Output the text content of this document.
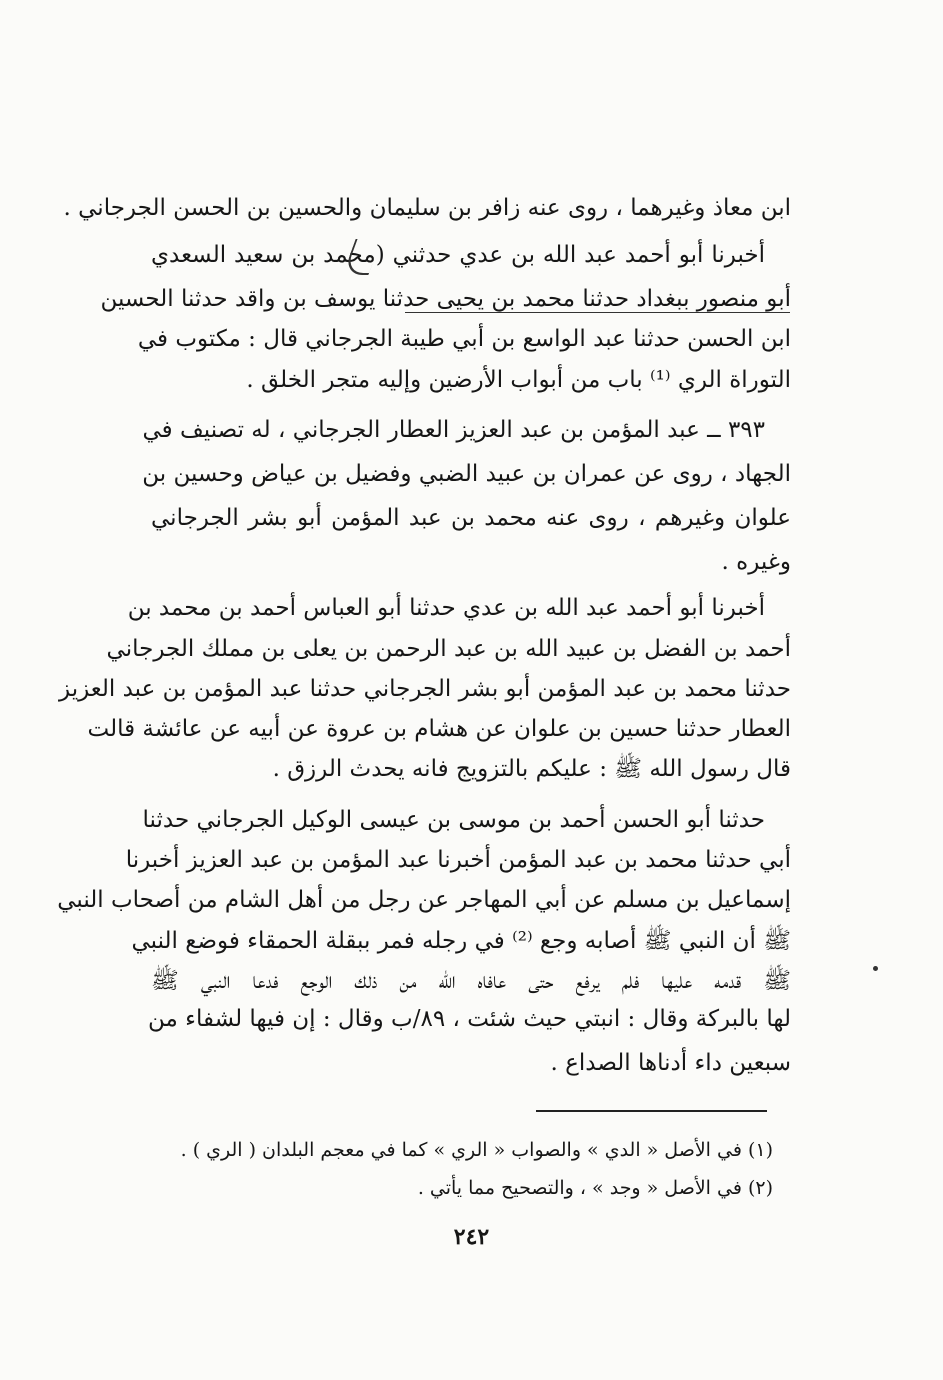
ابن معاذ وغيرهما ، روى عنه زافر بن سليمان والحسين بن الحسن الجرجاني .
أخبرنا أبو أحمد عبد الله بن عدي حدثني (محمد بن سعيد السعدي
أبو منصور ببغداد حدثنا محمد بن يحيى حدثنا يوسف بن واقد حدثنا الحسين
ابن الحسن حدثنا عبد الواسع بن أبي طيبة الجرجاني قال : مكتوب في
التوراة الري ⁽¹⁾ باب من أبواب الأرضين وإليه متجر الخلق .
٣٩٣ ــ عبد المؤمن بن عبد العزيز العطار الجرجاني ، له تصنيف في
الجهاد ، روى عن عمران بن عبيد الضبي وفضيل بن عياض وحسين بن
علوان وغيرهم ، روى عنه محمد بن عبد المؤمن أبو بشر الجرجاني
وغيره .
أخبرنا أبو أحمد عبد الله بن عدي حدثنا أبو العباس أحمد بن محمد بن
أحمد بن الفضل بن عبيد الله بن عبد الرحمن بن يعلى بن مملك الجرجاني
حدثنا محمد بن عبد المؤمن أبو بشر الجرجاني حدثنا عبد المؤمن بن عبد العزيز
العطار حدثنا حسين بن علوان عن هشام بن عروة عن أبيه عن عائشة قالت
قال رسول الله ﷺ : عليكم بالتزويج فانه يحدث الرزق .
حدثنا أبو الحسن أحمد بن موسى بن عيسى الوكيل الجرجاني حدثنا
أبي حدثنا محمد بن عبد المؤمن أخبرنا عبد المؤمن بن عبد العزيز أخبرنا
إسماعيل بن مسلم عن أبي المهاجر عن رجل من أهل الشام من أصحاب النبي
ﷺ أن النبي ﷺ أصابه وجع ⁽²⁾ في رجله فمر ببقلة الحمقاء فوضع النبي
ﷺ قدمه عليها فلم يرفع حتى عافاه الله من ذلك الوجع فدعا النبي ﷺ
لها بالبركة وقال : انبتي حيث شئت ، ٨٩/ب وقال : إن فيها لشفاء من
سبعين داء أدناها الصداع .
(١) في الأصل « الدي » والصواب « الري » كما في معجم البلدان ( الري ) .
(٢) في الأصل « وجد » ، والتصحيح مما يأتي .
٢٤٢
